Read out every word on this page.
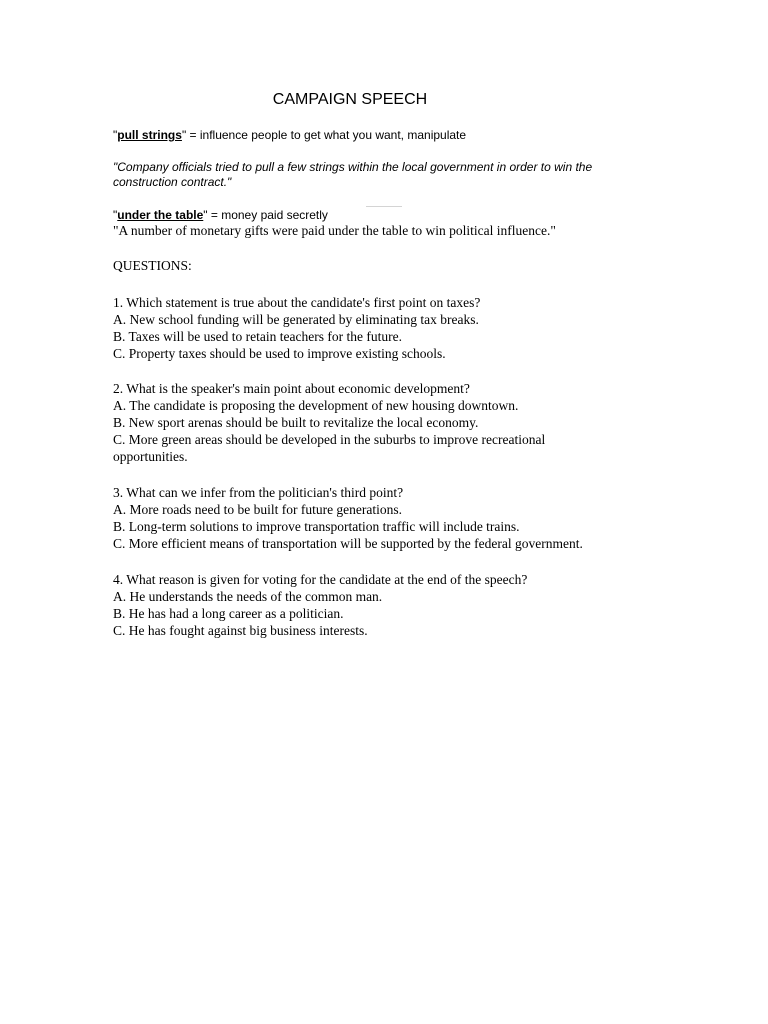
CAMPAIGN SPEECH

"pull strings" = influence people to get what you want, manipulate

"Company officials tried to pull a few strings within the local government in order to win the construction contract."

"under the table" = money paid secretly

"A number of monetary gifts were paid under the table to win political influence."

QUESTIONS:

1. Which statement is true about the candidate's first point on taxes?

A. New school funding will be generated by eliminating tax breaks.

B. Taxes will be used to retain teachers for the future.

C. Property taxes should be used to improve existing schools.

2. What is the speaker's main point about economic development?

A. The candidate is proposing the development of new housing downtown.

B. New sport arenas should be built to revitalize the local economy.

C. More green areas should be developed in the suburbs to improve recreational opportunities.

3. What can we infer from the politician's third point?

A. More roads need to be built for future generations.

B. Long-term solutions to improve transportation traffic will include trains.

C. More efficient means of transportation will be supported by the federal government.

4. What reason is given for voting for the candidate at the end of the speech?

A. He understands the needs of the common man.

B. He has had a long career as a politician.

C. He has fought against big business interests.
